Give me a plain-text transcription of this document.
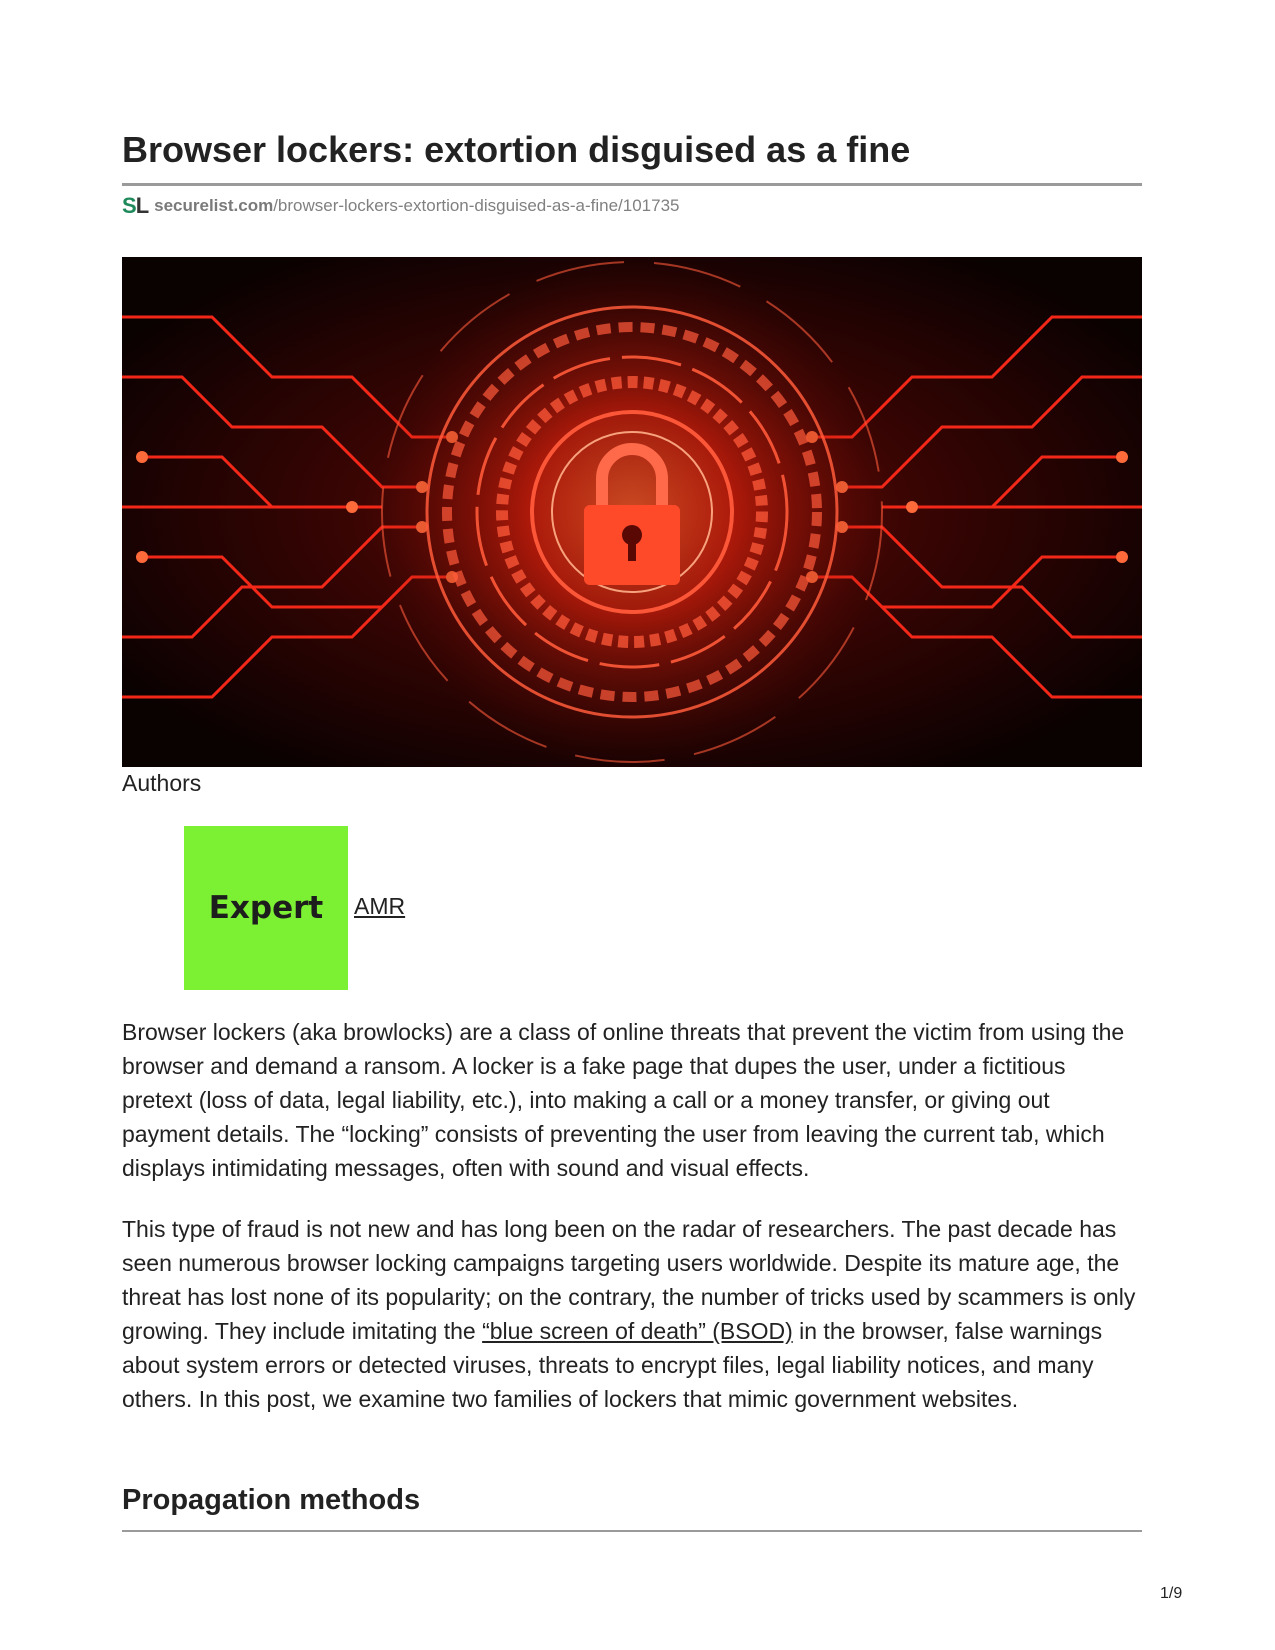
Browser lockers: extortion disguised as a fine
SL securelist.com /browser-lockers-extortion-disguised-as-a-fine/101735
Authors
Expert AMR

Browser lockers (aka browlocks) are a class of online threats that prevent the victim from using the browser and demand a ransom. A locker is a fake page that dupes the user, under a fictitious pretext (loss of data, legal liability, etc.), into making a call or a money transfer, or giving out payment details. The “locking” consists of preventing the user from leaving the current tab, which displays intimidating messages, often with sound and visual effects.

This type of fraud is not new and has long been on the radar of researchers. The past decade has seen numerous browser locking campaigns targeting users worldwide. Despite its mature age, the threat has lost none of its popularity; on the contrary, the number of tricks used by scammers is only growing. They include imitating the “blue screen of death” (BSOD) in the browser, false warnings about system errors or detected viruses, threats to encrypt files, legal liability notices, and many others. In this post, we examine two families of lockers that mimic government websites.

Propagation methods
1/9
